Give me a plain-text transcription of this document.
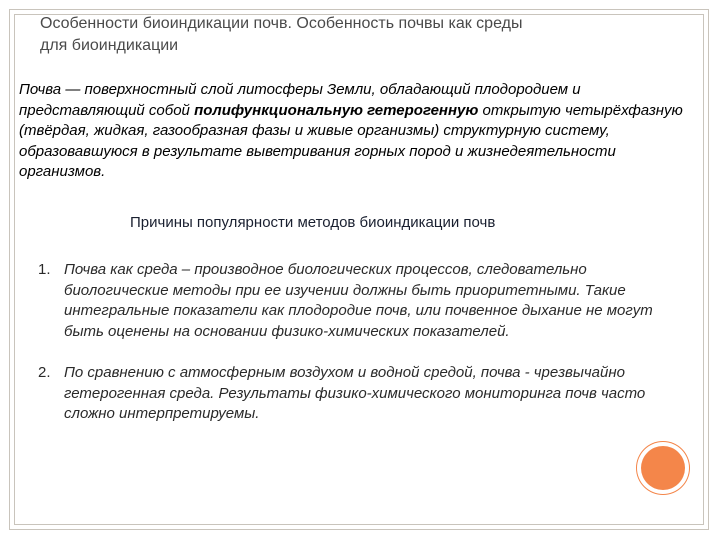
Особенности биоиндикации почв. Особенность почвы как среды
для биоиндикации
Почва — поверхностный слой литосферы Земли, обладающий плодородием и представляющий собой полифункциональную гетерогенную открытую четырёхфазную (твёрдая, жидкая, газообразная фазы и живые организмы) структурную систему, образовавшуюся в результате выветривания горных пород и жизнедеятельности организмов.
Причины популярности методов биоиндикации почв
1. Почва как среда – производное биологических процессов, следовательно биологические методы при ее изучении должны быть приоритетными. Такие интегральные показатели как плодородие почв, или почвенное дыхание не могут быть оценены на основании физико-химических показателей.
2. По сравнению с атмосферным воздухом и водной средой, почва - чрезвычайно гетерогенная среда. Результаты физико-химического мониторинга почв часто сложно интерпретируемы.
